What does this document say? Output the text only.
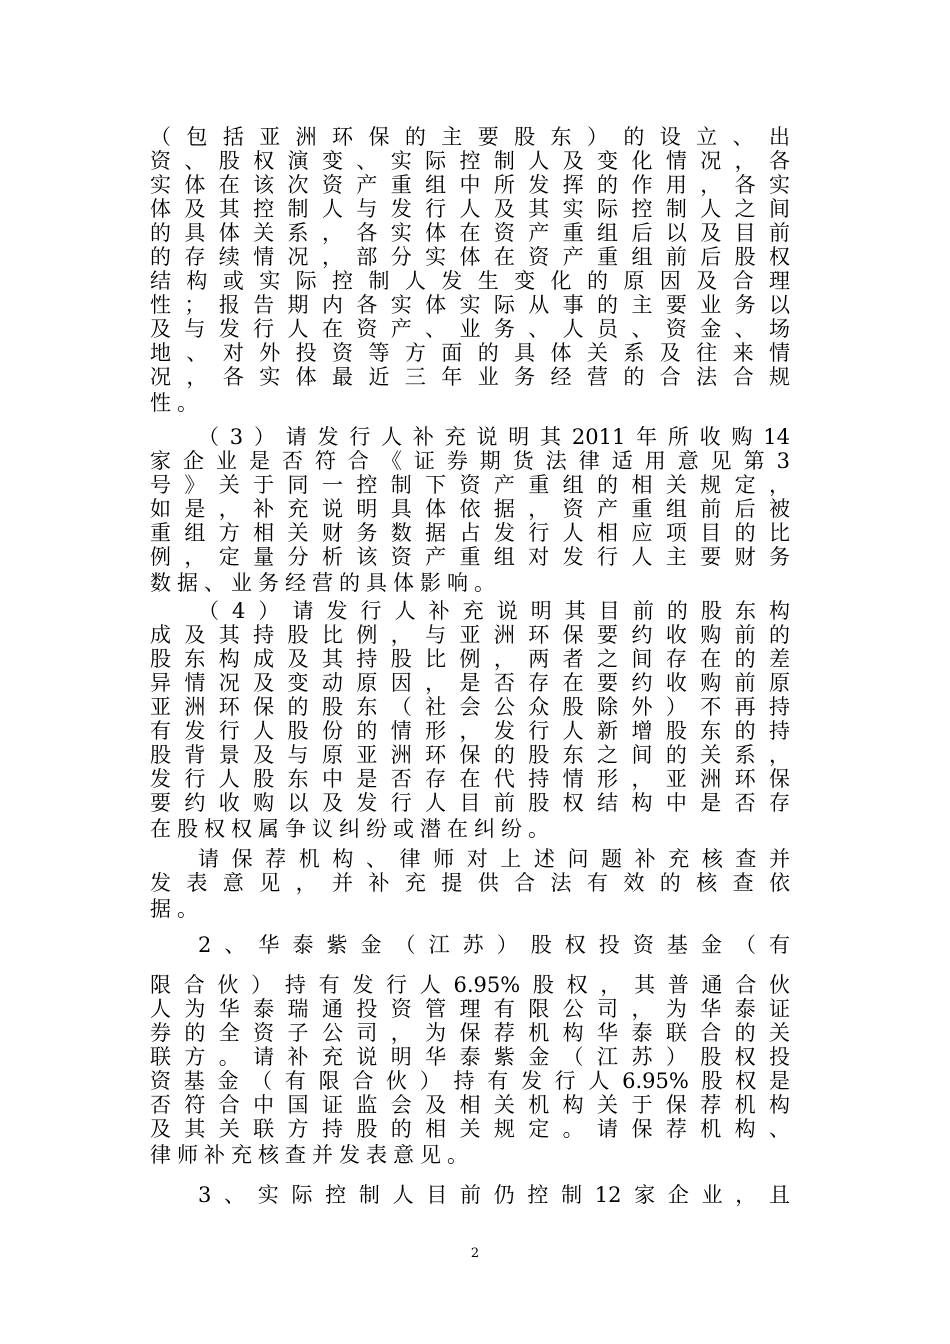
（包括亚洲环保的主要股东）的设立、出
资、股权演变、实际控制人及变化情况，各
实体在该次资产重组中所发挥的作用，各实
体及其控制人与发行人及其实际控制人之间
的具体关系，各实体在资产重组后以及目前
的存续情况，部分实体在资产重组前后股权
结构或实际控制人发生变化的原因及合理
性；报告期内各实体实际从事的主要业务以
及与发行人在资产、业务、人员、资金、场
地、对外投资等方面的具体关系及往来情
况，各实体最近三年业务经营的合法合规
性。
（3）请发行人补充说明其2011年所收购14
家企业是否符合《证券期货法律适用意见第3
号》关于同一控制下资产重组的相关规定，
如是，补充说明具体依据，资产重组前后被
重组方相关财务数据占发行人相应项目的比
例，定量分析该资产重组对发行人主要财务
数据、业务经营的具体影响。
（4）请发行人补充说明其目前的股东构
成及其持股比例，与亚洲环保要约收购前的
股东构成及其持股比例，两者之间存在的差
异情况及变动原因，是否存在要约收购前原
亚洲环保的股东（社会公众股除外）不再持
有发行人股份的情形，发行人新增股东的持
股背景及与原亚洲环保的股东之间的关系，
发行人股东中是否存在代持情形，亚洲环保
要约收购以及发行人目前股权结构中是否存
在股权权属争议纠纷或潜在纠纷。
请保荐机构、律师对上述问题补充核查并
发表意见，并补充提供合法有效的核查依
据。
2、华泰紫金（江苏）股权投资基金（有
限合伙）持有发行人6.95%股权，其普通合伙
人为华泰瑞通投资管理有限公司，为华泰证
券的全资子公司，为保荐机构华泰联合的关
联方。请补充说明华泰紫金（江苏）股权投
资基金（有限合伙）持有发行人6.95%股权是
否符合中国证监会及相关机构关于保荐机构
及其关联方持股的相关规定。请保荐机构、
律师补充核查并发表意见。
3、实际控制人目前仍控制12家企业，且
2
